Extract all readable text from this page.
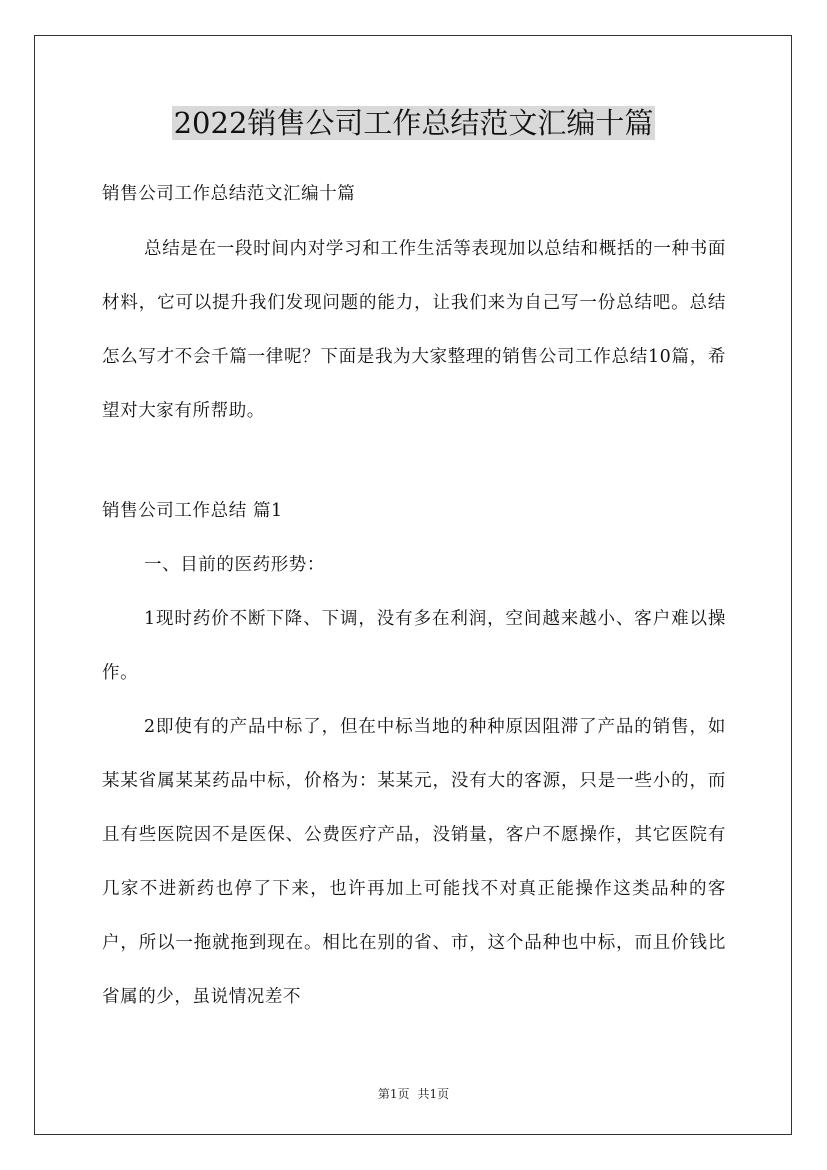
2022销售公司工作总结范文汇编十篇

销售公司工作总结范文汇编十篇

总结是在一段时间内对学习和工作生活等表现加以总结和概括的一种书面材料，它可以提升我们发现问题的能力，让我们来为自己写一份总结吧。总结怎么写才不会千篇一律呢？下面是我为大家整理的销售公司工作总结10篇，希望对大家有所帮助。

销售公司工作总结 篇1

一、目前的医药形势：

1现时药价不断下降、下调，没有多在利润，空间越来越小、客户难以操作。

2即使有的产品中标了，但在中标当地的种种原因阻滞了产品的销售，如某某省属某某药品中标，价格为：某某元，没有大的客源，只是一些小的，而且有些医院因不是医保、公费医疗产品，没销量，客户不愿操作，其它医院有几家不进新药也停了下来，也许再加上可能找不对真正能操作这类品种的客户，所以一拖就拖到现在。相比在别的省、市，这个品种也中标，而且价钱比省属的少，虽说情况差不

第1页 共1页
